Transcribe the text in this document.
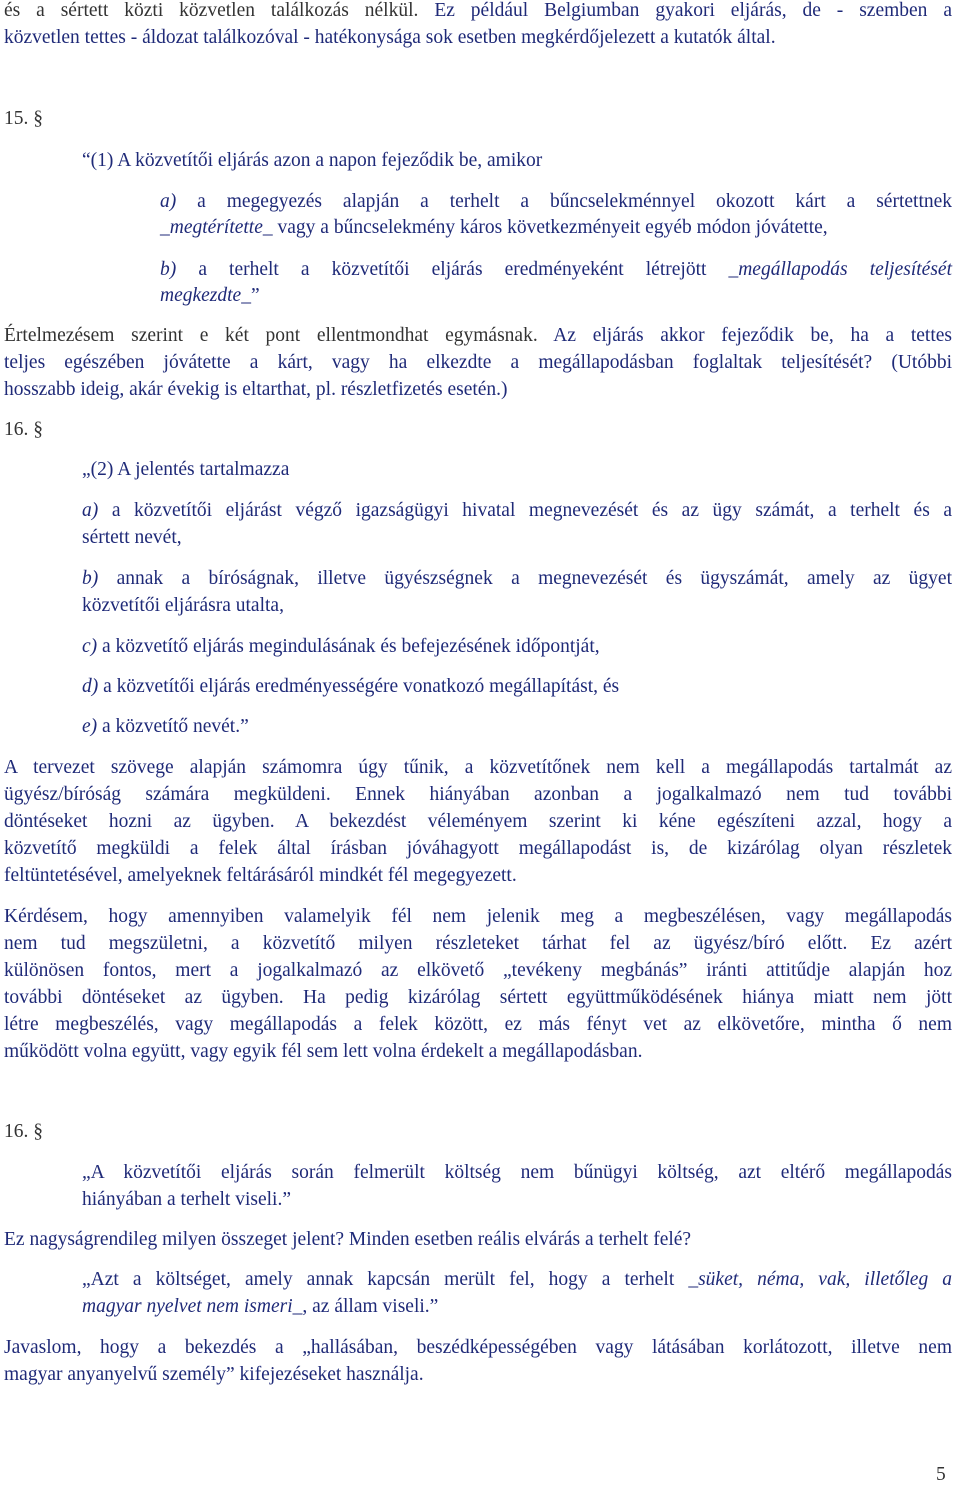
és a sértett közti közvetlen találkozás nélkül. Ez például Belgiumban gyakori eljárás, de - szemben a

közvetlen tettes - áldozat találkozóval - hatékonysága sok esetben megkérdőjelezett a kutatók által.

15. §

“(1) A közvetítői eljárás azon a napon fejeződik be, amikor

a) a megegyezés alapján a terhelt a bűncselekménnyel okozott kárt a sértettnek

_megtérítette_ vagy a bűncselekmény káros következményeit egyéb módon jóvátette,

b) a terhelt a közvetítői eljárás eredményeként létrejött _megállapodás teljesítését

megkezdte_”

Értelmezésem szerint e két pont ellentmondhat egymásnak. Az eljárás akkor fejeződik be, ha a tettes

teljes egészében jóvátette a kárt, vagy ha elkezdte a megállapodásban foglaltak teljesítését? (Utóbbi

hosszabb ideig, akár évekig is eltarthat, pl. részletfizetés esetén.)

16. §

„(2) A jelentés tartalmazza

a) a közvetítői eljárást végző igazságügyi hivatal megnevezését és az ügy számát, a terhelt és a

sértett nevét,

b) annak a bíróságnak, illetve ügyészségnek a megnevezését és ügyszámát, amely az ügyet

közvetítői eljárásra utalta,

c) a közvetítő eljárás megindulásának és befejezésének időpontját,

d) a közvetítői eljárás eredményességére vonatkozó megállapítást, és

e) a közvetítő nevét.”

A tervezet szövege alapján számomra úgy tűnik, a közvetítőnek nem kell a megállapodás tartalmát az

ügyész/bíróság számára megküldeni. Ennek hiányában azonban a jogalkalmazó nem tud további

döntéseket hozni az ügyben. A bekezdést véleményem szerint ki kéne egészíteni azzal, hogy a

közvetítő megküldi a felek által írásban jóváhagyott megállapodást is, de kizárólag olyan részletek

feltüntetésével, amelyeknek feltárásáról mindkét fél megegyezett.

Kérdésem, hogy amennyiben valamelyik fél nem jelenik meg a megbeszélésen, vagy megállapodás

nem tud megszületni, a közvetítő milyen részleteket tárhat fel az ügyész/bíró előtt. Ez azért

különösen fontos, mert a jogalkalmazó az elkövető „tevékeny megbánás” iránti attitűdje alapján hoz

további döntéseket az ügyben. Ha pedig kizárólag sértett együttműködésének hiánya miatt nem jött

létre megbeszélés, vagy megállapodás a felek között, ez más fényt vet az elkövetőre, mintha ő nem

működött volna együtt, vagy egyik fél sem lett volna érdekelt a megállapodásban.

16. §

„A közvetítői eljárás során felmerült költség nem bűnügyi költség, azt eltérő megállapodás

hiányában a terhelt viseli.”

Ez nagyságrendileg milyen összeget jelent? Minden esetben reális elvárás a terhelt felé?

„Azt a költséget, amely annak kapcsán merült fel, hogy a terhelt _süket, néma, vak, illetőleg a

magyar nyelvet nem ismeri_, az állam viseli.”

Javaslom, hogy a bekezdés a „hallásában, beszédképességében vagy látásában korlátozott, illetve nem

magyar anyanyelvű személy” kifejezéseket használja.

5
